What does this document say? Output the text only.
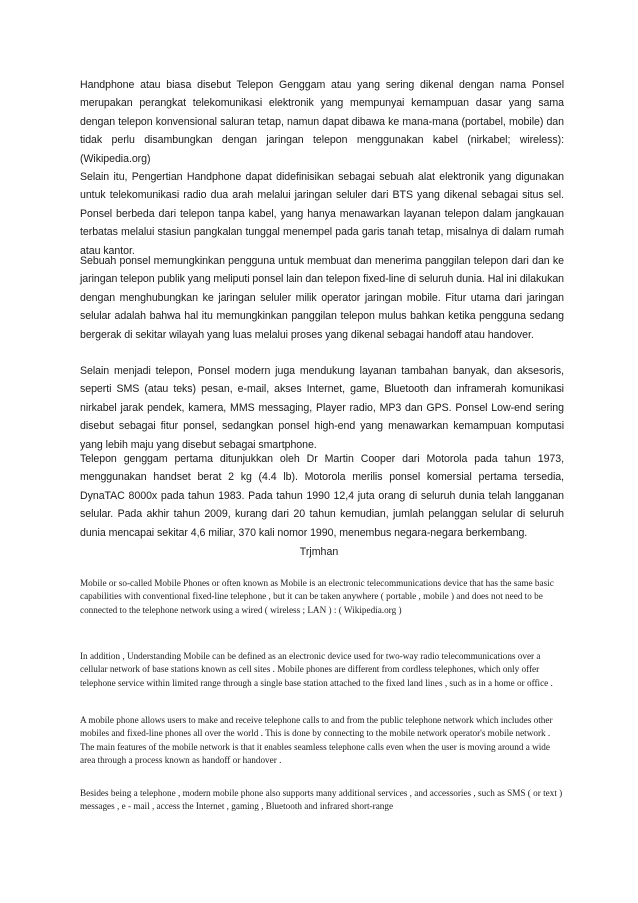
Handphone atau biasa disebut Telepon Genggam atau yang sering dikenal dengan nama Ponsel merupakan perangkat telekomunikasi elektronik yang mempunyai kemampuan dasar yang sama dengan telepon konvensional saluran tetap, namun dapat dibawa ke mana-mana (portabel, mobile) dan tidak perlu disambungkan dengan jaringan telepon menggunakan kabel (nirkabel; wireless): (Wikipedia.org)

Selain itu, Pengertian Handphone dapat didefinisikan sebagai sebuah alat elektronik yang digunakan untuk telekomunikasi radio dua arah melalui jaringan seluler dari BTS yang dikenal sebagai situs sel. Ponsel berbeda dari telepon tanpa kabel, yang hanya menawarkan layanan telepon dalam jangkauan terbatas melalui stasiun pangkalan tunggal menempel pada garis tanah tetap, misalnya di dalam rumah atau kantor.

Sebuah ponsel memungkinkan pengguna untuk membuat dan menerima panggilan telepon dari dan ke jaringan telepon publik yang meliputi ponsel lain dan telepon fixed-line di seluruh dunia. Hal ini dilakukan dengan menghubungkan ke jaringan seluler milik operator jaringan mobile. Fitur utama dari jaringan selular adalah bahwa hal itu memungkinkan panggilan telepon mulus bahkan ketika pengguna sedang bergerak di sekitar wilayah yang luas melalui proses yang dikenal sebagai handoff atau handover.

Selain menjadi telepon, Ponsel modern juga mendukung layanan tambahan banyak, dan aksesoris, seperti SMS (atau teks) pesan, e-mail, akses Internet, game, Bluetooth dan inframerah komunikasi nirkabel jarak pendek, kamera, MMS messaging, Player radio, MP3 dan GPS. Ponsel Low-end sering disebut sebagai fitur ponsel, sedangkan ponsel high-end yang menawarkan kemampuan komputasi yang lebih maju yang disebut sebagai smartphone.

Telepon genggam pertama ditunjukkan oleh Dr Martin Cooper dari Motorola pada tahun 1973, menggunakan handset berat 2 kg (4.4 lb). Motorola merilis ponsel komersial pertama tersedia, DynaTAC 8000x pada tahun 1983. Pada tahun 1990 12,4 juta orang di seluruh dunia telah langganan selular. Pada akhir tahun 2009, kurang dari 20 tahun kemudian, jumlah pelanggan selular di seluruh dunia mencapai sekitar 4,6 miliar, 370 kali nomor 1990, menembus negara-negara berkembang.

Trjmhan

Mobile or so-called Mobile Phones or often known as Mobile is an electronic telecommunications device that has the same basic capabilities with conventional fixed-line telephone , but it can be taken anywhere ( portable , mobile ) and does not need to be connected to the telephone network using a wired ( wireless ; LAN ) : ( Wikipedia.org )

In addition , Understanding Mobile can be defined as an electronic device used for two-way radio telecommunications over a cellular network of base stations known as cell sites . Mobile phones are different from cordless telephones, which only offer telephone service within limited range through a single base station attached to the fixed land lines , such as in a home or office .

A mobile phone allows users to make and receive telephone calls to and from the public telephone network which includes other mobiles and fixed-line phones all over the world . This is done by connecting to the mobile network operator's mobile network . The main features of the mobile network is that it enables seamless telephone calls even when the user is moving around a wide area through a process known as handoff or handover .

Besides being a telephone , modern mobile phone also supports many additional services , and accessories , such as SMS ( or text ) messages , e - mail , access the Internet , gaming , Bluetooth and infrared short-range
